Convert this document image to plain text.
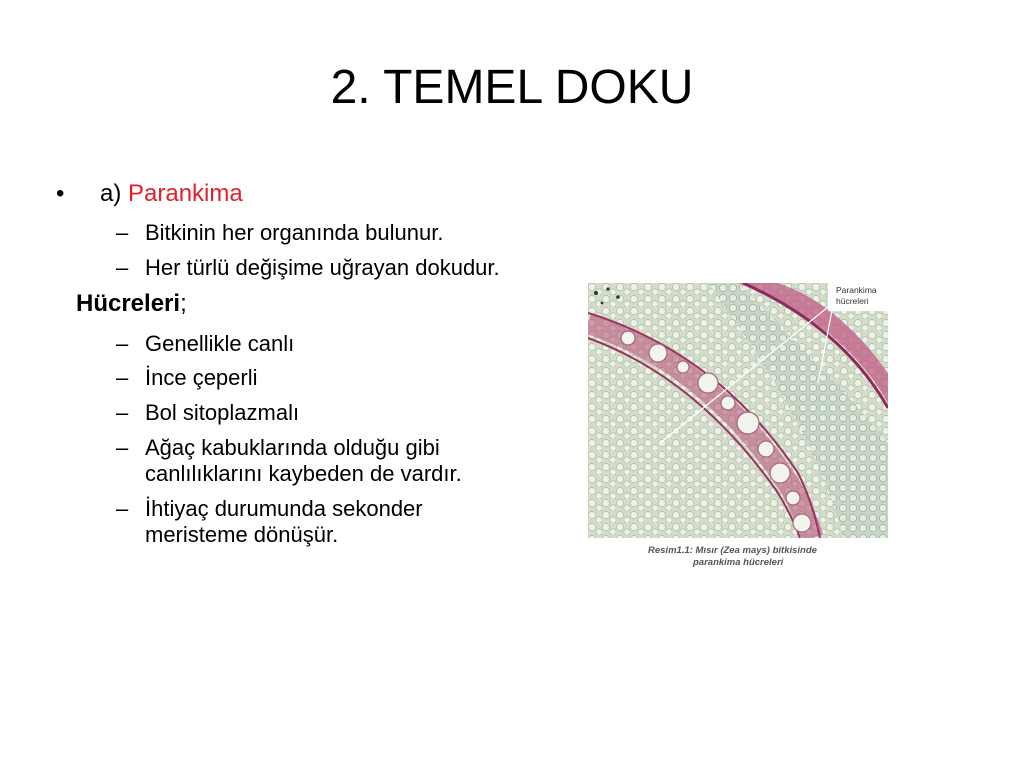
2. TEMEL DOKU
• a) Parankima
– Bitkinin her organında bulunur.
– Her türlü değişime uğrayan dokudur.
Hücreleri;
– Genellikle canlı
– İnce çeperli
– Bol sitoplazmalı
– Ağaç kabuklarında olduğu gibi canlılıklarını kaybeden de vardır.
– İhtiyaç durumunda sekonder meristeme dönüşür.
Parankima
hücreleri
Resim1.1: Mısır (Zea mays) bitkisinde
parankima hücreleri
